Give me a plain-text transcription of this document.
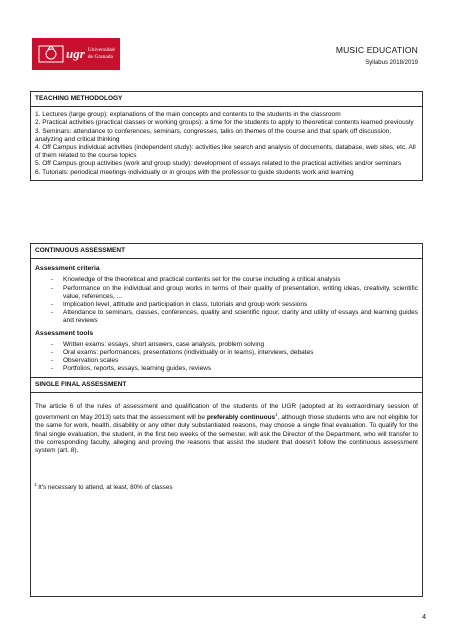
ugr Universidad
de Granada
MUSIC EDUCATION
Syllabus 2018/2019
TEACHING METHODOLOGY
1. Lectures (large group): explanations of the main concepts and contents to the students in the classroom
2. Practical activities (practical classes or working groups): a time for the students to apply to theoretical contents learned previously
3. Seminars: attendance to conferences, seminars, congresses, talks on themes of the course and that spark off discussion, analyzing and critical thinking
4. Off Campus individual activities (independent study): activities like search and analysis of documents, database, web sites, etc. All of them related to the course topics
5. Off Campus group activities (work and group study): development of essays related to the practical activities and/or seminars
6. Tutorials: periodical meetings individually or in groups with the professor to guide students work and learning
CONTINUOUS ASSESSMENT
Assessment criteria
- Knowledge of the theoretical and practical contents set for the course including a critical analysis
- Performance on the individual and group works in terms of their quality of presentation, writing ideas, creativity, scientific value, references, ...
- Implication level, attitude and participation in class, tutorials and group work sessions
- Attendance to seminars, classes, conferences, quality and scientific rigour, clarity and utility of essays and learning guides and reviews
Assessment tools
- Written exams: essays, short answers, case analysis, problem solving
- Oral exams: performances, presentations (individually or in teams), interviews, debates
- Observation scales
- Portfolios, reports, essays, learning guides, reviews
SINGLE FINAL ASSESSMENT
The article 6 of the rules of assessment and qualification of the students of the UGR (adopted at its extraordinary session of government on May 2013) sets that the assessment will be preferably continuous$^1$, although those students who are not eligible for the same for work, health, disability or any other duly substantiated reasons, may choose a single final evaluation. To qualify for the final single evaluation, the student, in the first two weeks of the semester, will ask the Director of the Department, who will transfer to the corresponding faculty, alleging and proving the reasons that assist the student that doesn't follow the continuous assessment system (art. 8).
$^1$ It's necessary to attend, at least, 80% of classes
4
